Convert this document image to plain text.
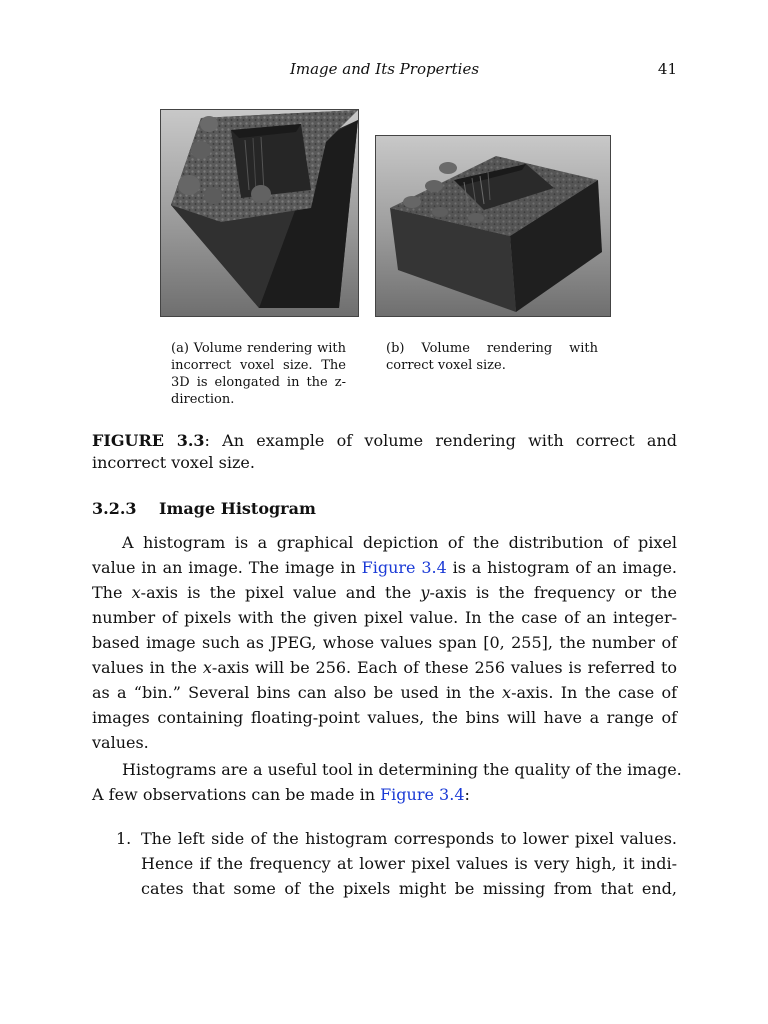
Image and Its Properties	41
(a) Volume rendering with incorrect voxel size. The 3D is elongated in the z-direction.
(b) Volume rendering with correct voxel size.
FIGURE 3.3: An example of volume rendering with correct and incorrect voxel size.
3.2.3 Image Histogram
A histogram is a graphical depiction of the distribution of pixel
value in an image. The image in Figure 3.4 is a histogram of an image.
The x-axis is the pixel value and the y-axis is the frequency or the
number of pixels with the given pixel value. In the case of an integer-
based image such as JPEG, whose values span [0, 255], the number of
values in the x-axis will be 256. Each of these 256 values is referred to
as a “bin.” Several bins can also be used in the x-axis. In the case of
images containing floating-point values, the bins will have a range of
values.
Histograms are a useful tool in determining the quality of the image.
A few observations can be made in Figure 3.4:
1. The left side of the histogram corresponds to lower pixel values.
Hence if the frequency at lower pixel values is very high, it indi-
cates that some of the pixels might be missing from that end,
